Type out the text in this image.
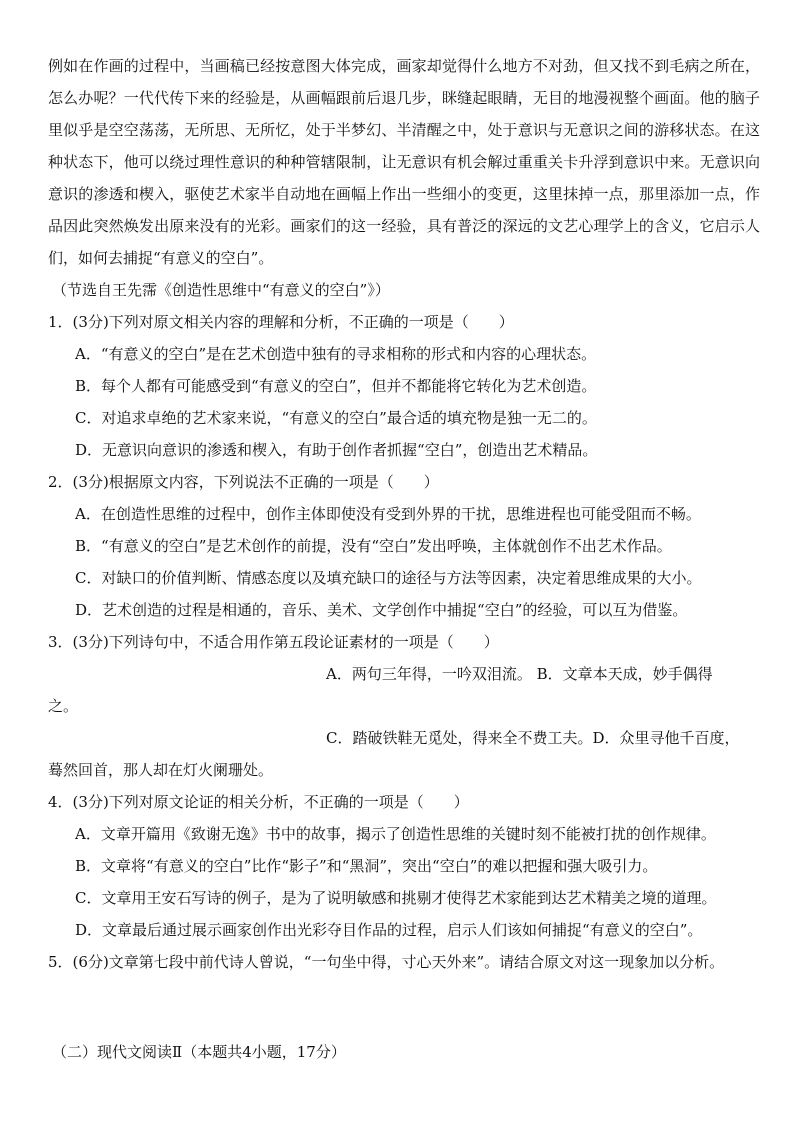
例如在作画的过程中，当画稿已经按意图大体完成，画家却觉得什么地方不对劲，但又找不到毛病之所在，怎么办呢？一代代传下来的经验是，从画幅跟前后退几步，眯缝起眼睛，无目的地漫视整个画面。他的脑子里似乎是空空荡荡，无所思、无所忆，处于半梦幻、半清醒之中，处于意识与无意识之间的游移状态。在这种状态下，他可以绕过理性意识的种种管辖限制，让无意识有机会解过重重关卡升浮到意识中来。无意识向意识的渗透和楔入，驱使艺术家半自动地在画幅上作出一些细小的变更，这里抹掉一点，那里添加一点，作品因此突然焕发出原来没有的光彩。画家们的这一经验，具有普泛的深远的文艺心理学上的含义，它启示人们，如何去捕捉“有意义的空白”。

（节选自王先霈《创造性思维中“有意义的空白”》）

1．(3分)下列对原文相关内容的理解和分析，不正确的一项是（　　）

A．“有意义的空白”是在艺术创造中独有的寻求相称的形式和内容的心理状态。

B．每个人都有可能感受到“有意义的空白”，但并不都能将它转化为艺术创造。

C．对追求卓绝的艺术家来说，“有意义的空白”最合适的填充物是独一无二的。

D．无意识向意识的渗透和楔入，有助于创作者抓握“空白”，创造出艺术精品。

2．(3分)根据原文内容，下列说法不正确的一项是（　　）

A．在创造性思维的过程中，创作主体即使没有受到外界的干扰，思维进程也可能受阻而不畅。

B．“有意义的空白”是艺术创作的前提，没有“空白”发出呼唤，主体就创作不出艺术作品。

C．对缺口的价值判断、情感态度以及填充缺口的途径与方法等因素，决定着思维成果的大小。

D．艺术创造的过程是相通的，音乐、美术、文学创作中捕捉“空白”的经验，可以互为借鉴。

3．(3分)下列诗句中，不适合用作第五段论证素材的一项是（　　）

A．两句三年得，一吟双泪流。 B．文章本天成，妙手偶得

之。

C．踏破铁鞋无觅处，得来全不费工夫。D．众里寻他千百度，

蓦然回首，那人却在灯火阑珊处。

4．(3分)下列对原文论证的相关分析，不正确的一项是（　　）

A．文章开篇用《致谢无逸》书中的故事，揭示了创造性思维的关键时刻不能被打扰的创作规律。

B．文章将“有意义的空白”比作“影子”和“黑洞”，突出“空白”的难以把握和强大吸引力。

C．文章用王安石写诗的例子，是为了说明敏感和挑剔才使得艺术家能到达艺术精美之境的道理。

D．文章最后通过展示画家创作出光彩夺目作品的过程，启示人们该如何捕捉“有意义的空白”。

5．(6分)文章第七段中前代诗人曾说，“一句坐中得，寸心天外来”。请结合原文对这一现象加以分析。

（二）现代文阅读Ⅱ（本题共4小题，17分）
